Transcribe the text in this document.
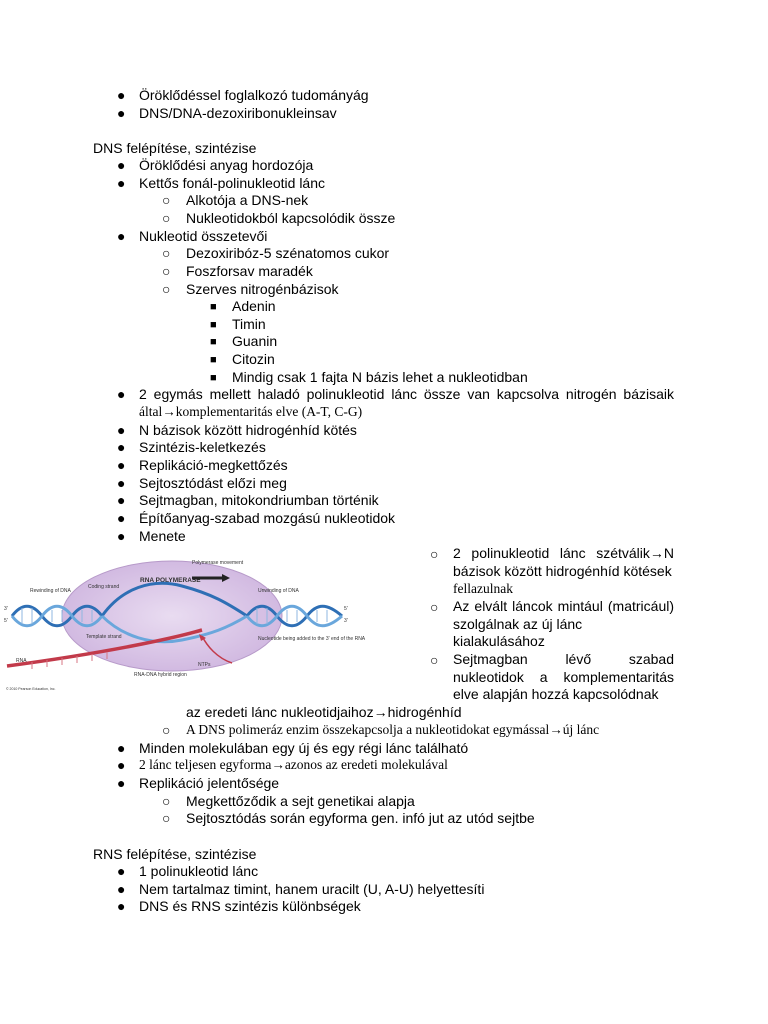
● Öröklődéssel foglalkozó tudományág
● DNS/DNA-dezoxiribonukleinsav
DNS felépítése, szintézise
● Öröklődési anyag hordozója
● Kettős fonál-polinukleotid lánc
○ Alkotója a DNS-nek
○ Nukleotidokból kapcsolódik össze
● Nukleotid összetevői
○ Dezoxiribóz-5 szénatomos cukor
○ Foszforsav maradék
○ Szerves nitrogénbázisok
■ Adenin
■ Timin
■ Guanin
■ Citozin
■ Mindig csak 1 fajta N bázis lehet a nukleotidban
● 2 egymás mellett haladó polinukleotid lánc össze van kapcsolva nitrogén bázisaik
által→komplementaritás elve (A-T, C-G)
● N bázisok között hidrogénhíd kötés
● Szintézis-keletkezés
● Replikáció-megkettőzés
● Sejtosztódást előzi meg
● Sejtmagban, mitokondriumban történik
● Építőanyag-szabad mozgású nukleotidok
● Menete
RNA POLYMERASE
Polymerase movement
Rewinding of DNA
Coding strand
Unwinding of DNA
Template strand	Nucleotide being added to the 3' end of the RNA
RNA
NTPs
RNA-DNA hybrid region
3'
5'
5'
3'
© 2010 Pearson Education, Inc.
○ 2 polinukleotid lánc szétválik→N bázisok között hidrogénhíd kötések
fellazulnak
○ Az elvált láncok mintául (matricául) szolgálnak az új lánc
kialakulásához
○ Sejtmagban lévő szabad nukleotidok a komplementaritás elve alapján hozzá kapcsolódnak
az eredeti lánc nukleotidjaihoz→hidrogénhíd
○ A DNS polimeráz enzim összekapcsolja a nukleotidokat egymással→új lánc
● Minden molekulában egy új és egy régi lánc található
● 2 lánc teljesen egyforma→azonos az eredeti molekulával
● Replikáció jelentősége
○ Megkettőződik a sejt genetikai alapja
○ Sejtosztódás során egyforma gen. infó jut az utód sejtbe
RNS felépítése, szintézise
● 1 polinukleotid lánc
● Nem tartalmaz timint, hanem uracilt (U, A-U) helyettesíti
● DNS és RNS szintézis különbségek
